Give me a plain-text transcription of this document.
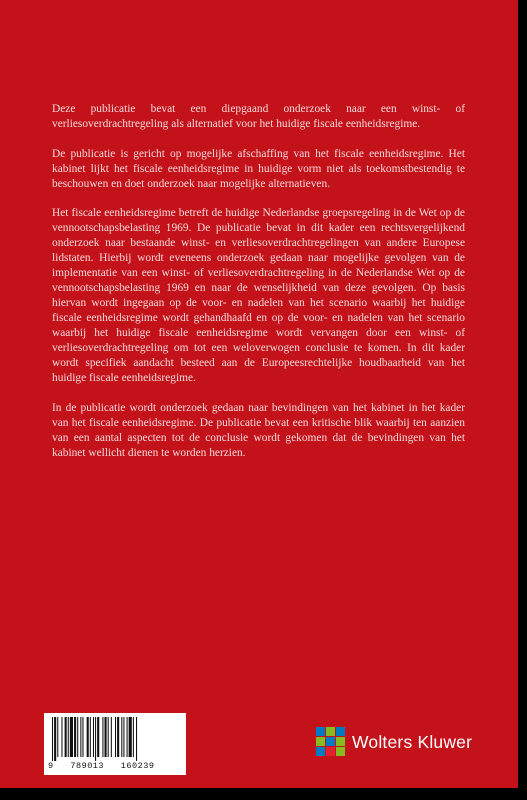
Deze publicatie bevat een diepgaand onderzoek naar een winst- of verliesoverdrachtregeling als alternatief voor het huidige fiscale eenheidsregime.

De publicatie is gericht op mogelijke afschaffing van het fiscale eenheidsregime. Het kabinet lijkt het fiscale eenheidsregime in huidige vorm niet als toekomstbestendig te beschouwen en doet onderzoek naar mogelijke alternatieven.

Het fiscale eenheidsregime betreft de huidige Nederlandse groepsregeling in de Wet op de vennootschapsbelasting 1969. De publicatie bevat in dit kader een rechtsvergelijkend onderzoek naar bestaande winst- en verliesoverdrachtregelingen van andere Europese lidstaten. Hierbij wordt eveneens onderzoek gedaan naar mogelijke gevolgen van de implementatie van een winst- of verliesoverdrachtregeling in de Nederlandse Wet op de vennootschapsbelasting 1969 en naar de wenselijkheid van deze gevolgen. Op basis hiervan wordt ingegaan op de voor- en nadelen van het scenario waarbij het huidige fiscale eenheidsregime wordt gehandhaafd en op de voor- en nadelen van het scenario waarbij het huidige fiscale eenheidsregime wordt vervangen door een winst- of verliesoverdrachtregeling om tot een weloverwogen conclusie te komen. In dit kader wordt specifiek aandacht besteed aan de Europeesrechtelijke houdbaarheid van het huidige fiscale eenheidsregime.

In de publicatie wordt onderzoek gedaan naar bevindingen van het kabinet in het kader van het fiscale eenheidsregime. De publicatie bevat een kritische blik waarbij ten aanzien van een aantal aspecten tot de conclusie wordt gekomen dat de bevindingen van het kabinet wellicht dienen te worden herzien.

9   789013   160239
Wolters Kluwer
